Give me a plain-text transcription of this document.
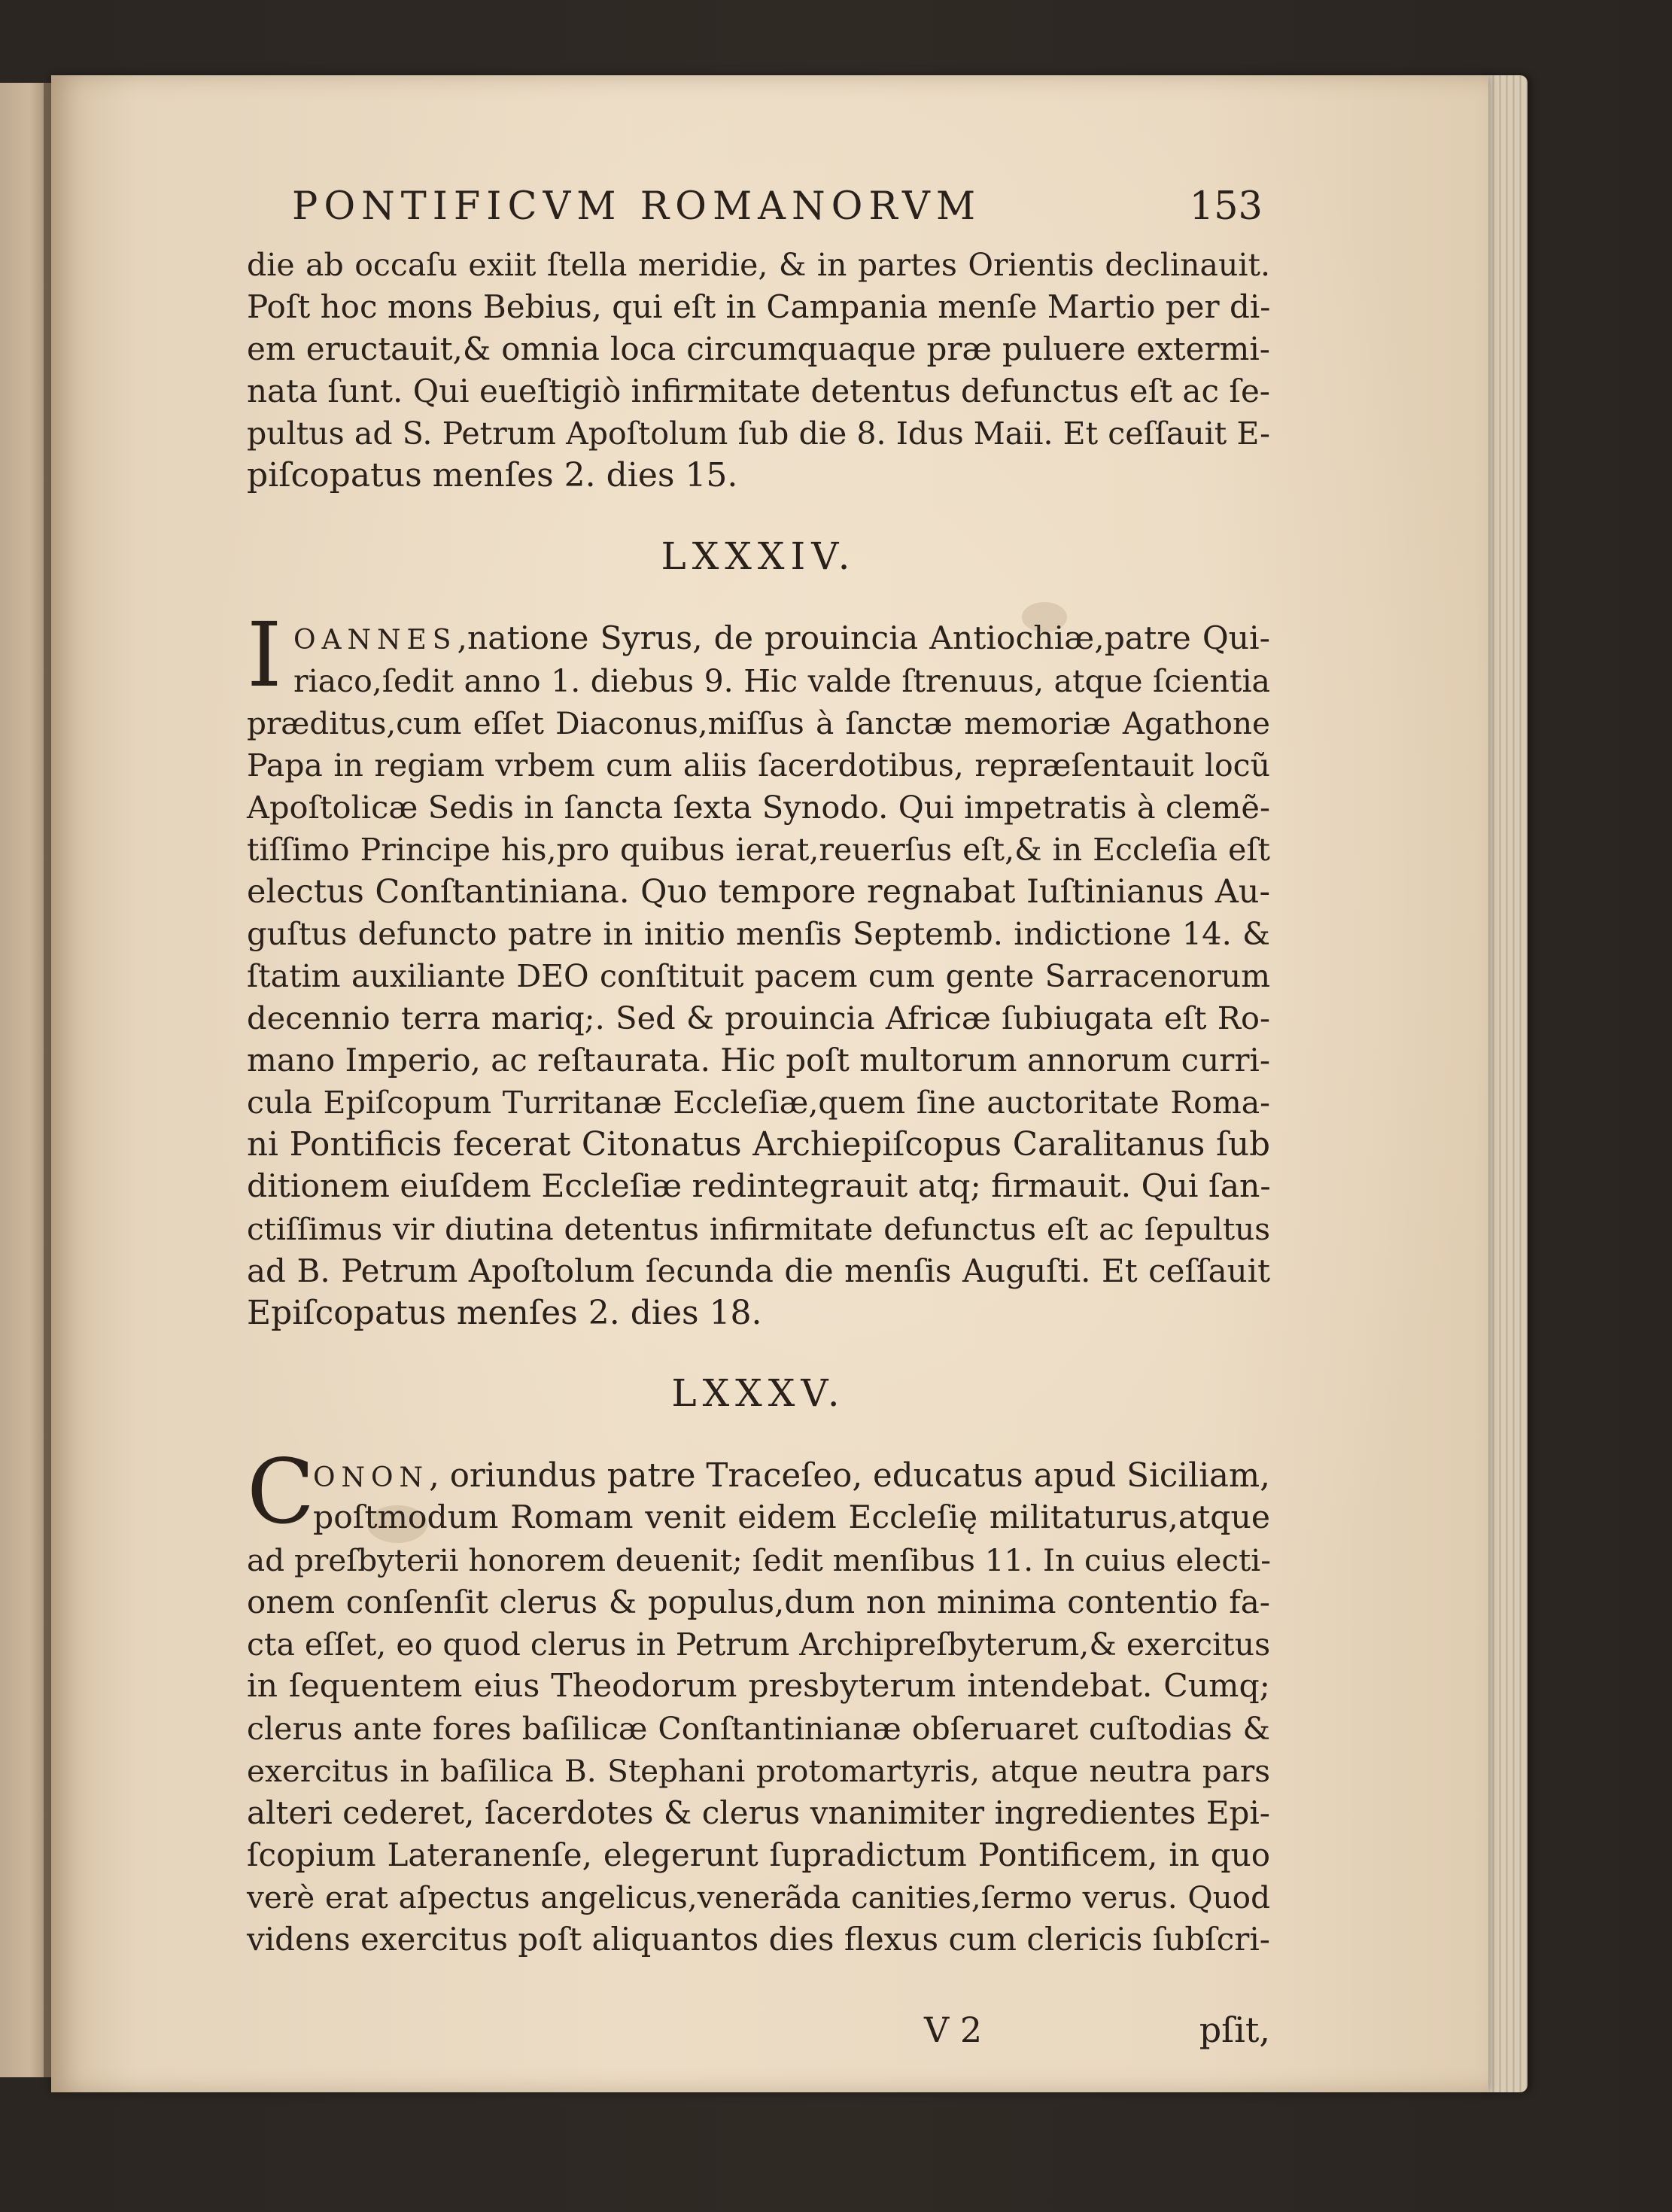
PONTIFICVM ROMANORVM	153
die ab occaſu exiit ſtella meridie, & in partes Orientis declinauit.
Poſt hoc mons Bebius, qui eſt in Campania menſe Martio per di-
em eructauit,& omnia loca circumquaque præ puluere extermi-
nata ſunt. Qui eueſtigiò infirmitate detentus defunctus eſt ac ſe-
pultus ad S. Petrum Apoſtolum ſub die 8. Idus Maii. Et ceſſauit E-
piſcopatus menſes 2. dies 15.
LXXXIV.
I OANNES,natione Syrus, de prouincia Antiochiæ,patre Qui-
riaco,ſedit anno 1. diebus 9. Hic valde ſtrenuus, atque ſcientia
præditus,cum eſſet Diaconus,miſſus à ſanctæ memoriæ Agathone
Papa in regiam vrbem cum aliis ſacerdotibus, repræſentauit locũ
Apoſtolicæ Sedis in ſancta ſexta Synodo. Qui impetratis à clemẽ-
tiſſimo Principe his,pro quibus ierat,reuerſus eſt,& in Eccleſia eſt
electus Conſtantiniana. Quo tempore regnabat Iuſtinianus Au-
guſtus defuncto patre in initio menſis Septemb. indictione 14. &
ſtatim auxiliante DEO conſtituit pacem cum gente Sarracenorum
decennio terra mariq;. Sed & prouincia Africæ ſubiugata eſt Ro-
mano Imperio, ac reſtaurata. Hic poſt multorum annorum curri-
cula Epiſcopum Turritanæ Eccleſiæ,quem ſine auctoritate Roma-
ni Pontificis fecerat Citonatus Archiepiſcopus Caralitanus ſub
ditionem eiuſdem Eccleſiæ redintegrauit atq; firmauit. Qui ſan-
ctiſſimus vir diutina detentus infirmitate defunctus eſt ac ſepultus
ad B. Petrum Apoſtolum ſecunda die menſis Auguſti. Et ceſſauit
Epiſcopatus menſes 2. dies 18.
LXXXV.
C
ONON, oriundus patre Traceſeo, educatus apud Siciliam,
poſtmodum Romam venit eidem Eccleſię militaturus,atque
ad preſbyterii honorem deuenit; ſedit menſibus 11. In cuius electi-
onem conſenſit clerus & populus,dum non minima contentio fa-
cta eſſet, eo quod clerus in Petrum Archipreſbyterum,& exercitus
in ſequentem eius Theodorum presbyterum intendebat. Cumq;
clerus ante fores baſilicæ Conſtantinianæ obſeruaret cuſtodias &
exercitus in baſilica B. Stephani protomartyris, atque neutra pars
alteri cederet, ſacerdotes & clerus vnanimiter ingredientes Epi-
ſcopium Lateranenſe, elegerunt ſupradictum Pontificem, in quo
verè erat aſpectus angelicus,venerãda canities,ſermo verus. Quod
videns exercitus poſt aliquantos dies flexus cum clericis ſubſcri-
V 2	pſit,
